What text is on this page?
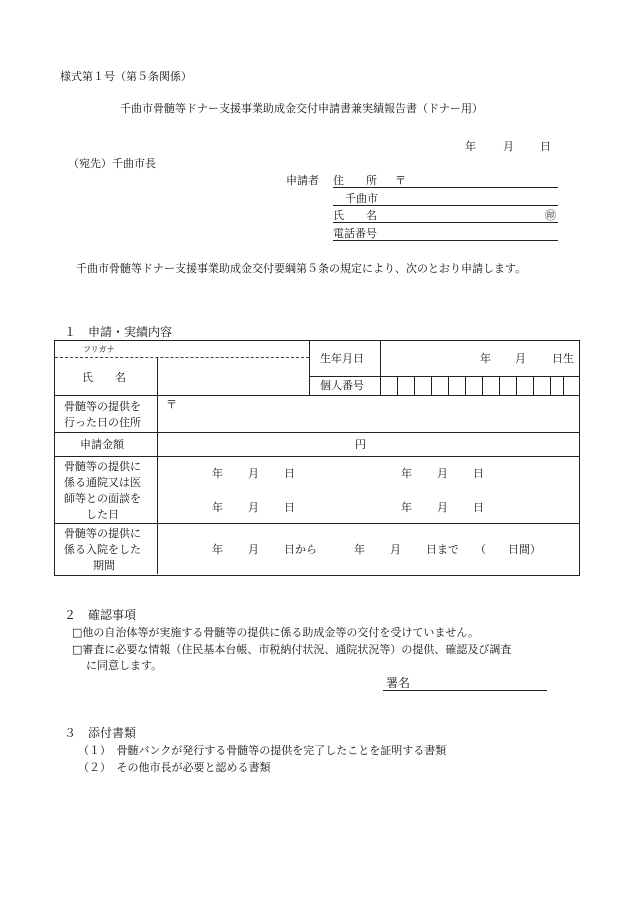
様式第１号（第５条関係）
千曲市骨髄等ドナー支援事業助成金交付申請書兼実績報告書（ドナー用）
年 月 日
（宛先）千曲市長
申請者 住　　所 〒
千曲市
氏　　名	㊞
電話番号
千曲市骨髄等ドナー支援事業助成金交付要綱第５条の規定により、次のとおり申請します。
１　申請・実績内容
フリガナ
氏　　名
生年月日	年 月 日生
個人番号
骨髄等の提供を
行った日の住所
〒
申請金額	円
骨髄等の提供に
係る通院又は医
師等との面談を
した日
年 月 日	年 月 日
年 月 日	年 月 日
骨髄等の提供に
係る入院をした
期間
年 月 日から	年 月 日まで （　　日間）
２　確認事項
□他の自治体等が実施する骨髄等の提供に係る助成金等の交付を受けていません。
□審査に必要な情報（住民基本台帳、市税納付状況、通院状況等）の提供、確認及び調査
に同意します。
署名
３　添付書類
（１）　骨髄バンクが発行する骨髄等の提供を完了したことを証明する書類
（２）　その他市長が必要と認める書類
